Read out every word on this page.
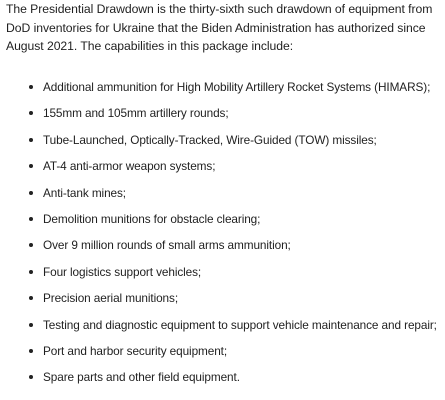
The Presidential Drawdown is the thirty-sixth such drawdown of equipment from DoD inventories for Ukraine that the Biden Administration has authorized since August 2021. The capabilities in this package include:

Additional ammunition for High Mobility Artillery Rocket Systems (HIMARS);
155mm and 105mm artillery rounds;
Tube-Launched, Optically-Tracked, Wire-Guided (TOW) missiles;
AT-4 anti-armor weapon systems;
Anti-tank mines;
Demolition munitions for obstacle clearing;
Over 9 million rounds of small arms ammunition;
Four logistics support vehicles;
Precision aerial munitions;
Testing and diagnostic equipment to support vehicle maintenance and repair;
Port and harbor security equipment;
Spare parts and other field equipment.
